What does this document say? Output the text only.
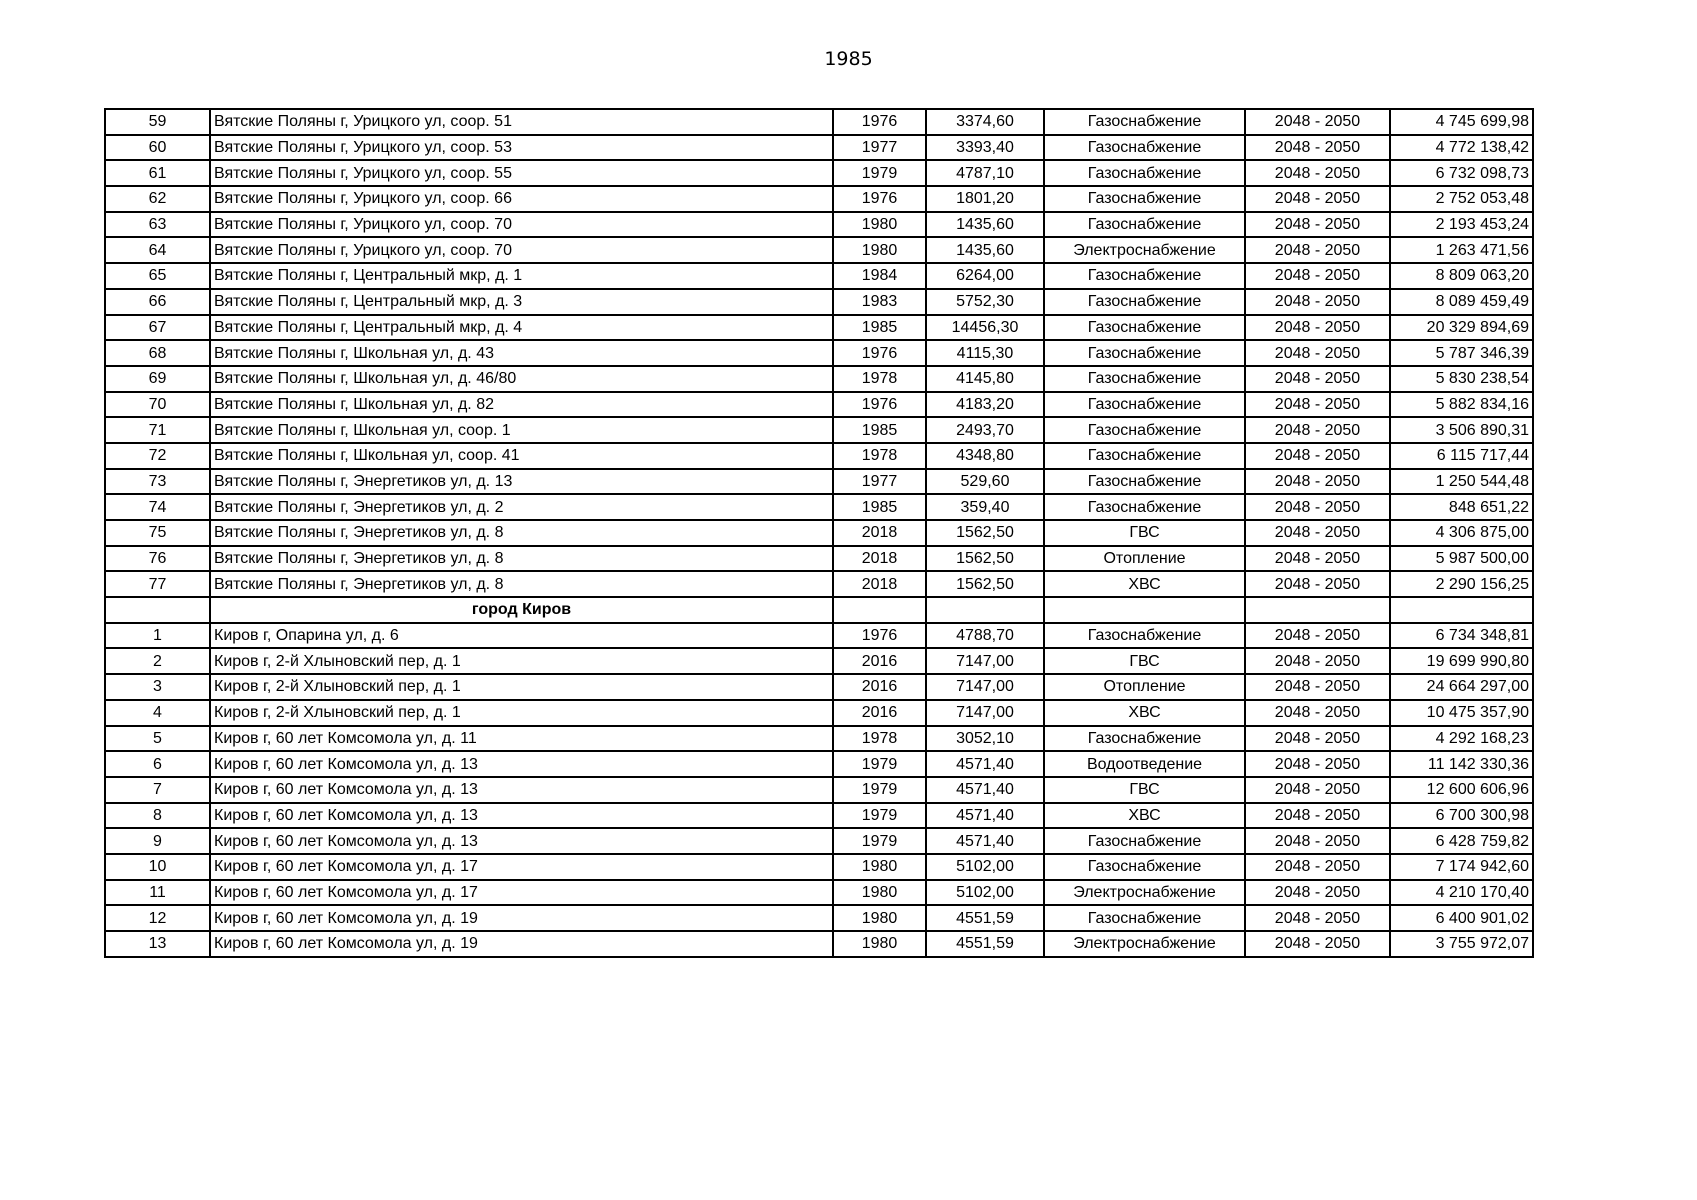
1985
59	Вятские Поляны г, Урицкого ул, соор. 51	1976	3374,60	Газоснабжение	2048 - 2050	4 745 699,98
60	Вятские Поляны г, Урицкого ул, соор. 53	1977	3393,40	Газоснабжение	2048 - 2050	4 772 138,42
61	Вятские Поляны г, Урицкого ул, соор. 55	1979	4787,10	Газоснабжение	2048 - 2050	6 732 098,73
62	Вятские Поляны г, Урицкого ул, соор. 66	1976	1801,20	Газоснабжение	2048 - 2050	2 752 053,48
63	Вятские Поляны г, Урицкого ул, соор. 70	1980	1435,60	Газоснабжение	2048 - 2050	2 193 453,24
64	Вятские Поляны г, Урицкого ул, соор. 70	1980	1435,60	Электроснабжение	2048 - 2050	1 263 471,56
65	Вятские Поляны г, Центральный мкр, д. 1	1984	6264,00	Газоснабжение	2048 - 2050	8 809 063,20
66	Вятские Поляны г, Центральный мкр, д. 3	1983	5752,30	Газоснабжение	2048 - 2050	8 089 459,49
67	Вятские Поляны г, Центральный мкр, д. 4	1985	14456,30	Газоснабжение	2048 - 2050	20 329 894,69
68	Вятские Поляны г, Школьная ул, д. 43	1976	4115,30	Газоснабжение	2048 - 2050	5 787 346,39
69	Вятские Поляны г, Школьная ул, д. 46/80	1978	4145,80	Газоснабжение	2048 - 2050	5 830 238,54
70	Вятские Поляны г, Школьная ул, д. 82	1976	4183,20	Газоснабжение	2048 - 2050	5 882 834,16
71	Вятские Поляны г, Школьная ул, соор. 1	1985	2493,70	Газоснабжение	2048 - 2050	3 506 890,31
72	Вятские Поляны г, Школьная ул, соор. 41	1978	4348,80	Газоснабжение	2048 - 2050	6 115 717,44
73	Вятские Поляны г, Энергетиков ул, д. 13	1977	529,60	Газоснабжение	2048 - 2050	1 250 544,48
74	Вятские Поляны г, Энергетиков ул, д. 2	1985	359,40	Газоснабжение	2048 - 2050	848 651,22
75	Вятские Поляны г, Энергетиков ул, д. 8	2018	1562,50	ГВС	2048 - 2050	4 306 875,00
76	Вятские Поляны г, Энергетиков ул, д. 8	2018	1562,50	Отопление	2048 - 2050	5 987 500,00
77	Вятские Поляны г, Энергетиков ул, д. 8	2018	1562,50	ХВС	2048 - 2050	2 290 156,25
	город Киров					
1	Киров г, Опарина ул, д. 6	1976	4788,70	Газоснабжение	2048 - 2050	6 734 348,81
2	Киров г, 2-й Хлыновский пер, д. 1	2016	7147,00	ГВС	2048 - 2050	19 699 990,80
3	Киров г, 2-й Хлыновский пер, д. 1	2016	7147,00	Отопление	2048 - 2050	24 664 297,00
4	Киров г, 2-й Хлыновский пер, д. 1	2016	7147,00	ХВС	2048 - 2050	10 475 357,90
5	Киров г, 60 лет Комсомола ул, д. 11	1978	3052,10	Газоснабжение	2048 - 2050	4 292 168,23
6	Киров г, 60 лет Комсомола ул, д. 13	1979	4571,40	Водоотведение	2048 - 2050	11 142 330,36
7	Киров г, 60 лет Комсомола ул, д. 13	1979	4571,40	ГВС	2048 - 2050	12 600 606,96
8	Киров г, 60 лет Комсомола ул, д. 13	1979	4571,40	ХВС	2048 - 2050	6 700 300,98
9	Киров г, 60 лет Комсомола ул, д. 13	1979	4571,40	Газоснабжение	2048 - 2050	6 428 759,82
10	Киров г, 60 лет Комсомола ул, д. 17	1980	5102,00	Газоснабжение	2048 - 2050	7 174 942,60
11	Киров г, 60 лет Комсомола ул, д. 17	1980	5102,00	Электроснабжение	2048 - 2050	4 210 170,40
12	Киров г, 60 лет Комсомола ул, д. 19	1980	4551,59	Газоснабжение	2048 - 2050	6 400 901,02
13	Киров г, 60 лет Комсомола ул, д. 19	1980	4551,59	Электроснабжение	2048 - 2050	3 755 972,07
